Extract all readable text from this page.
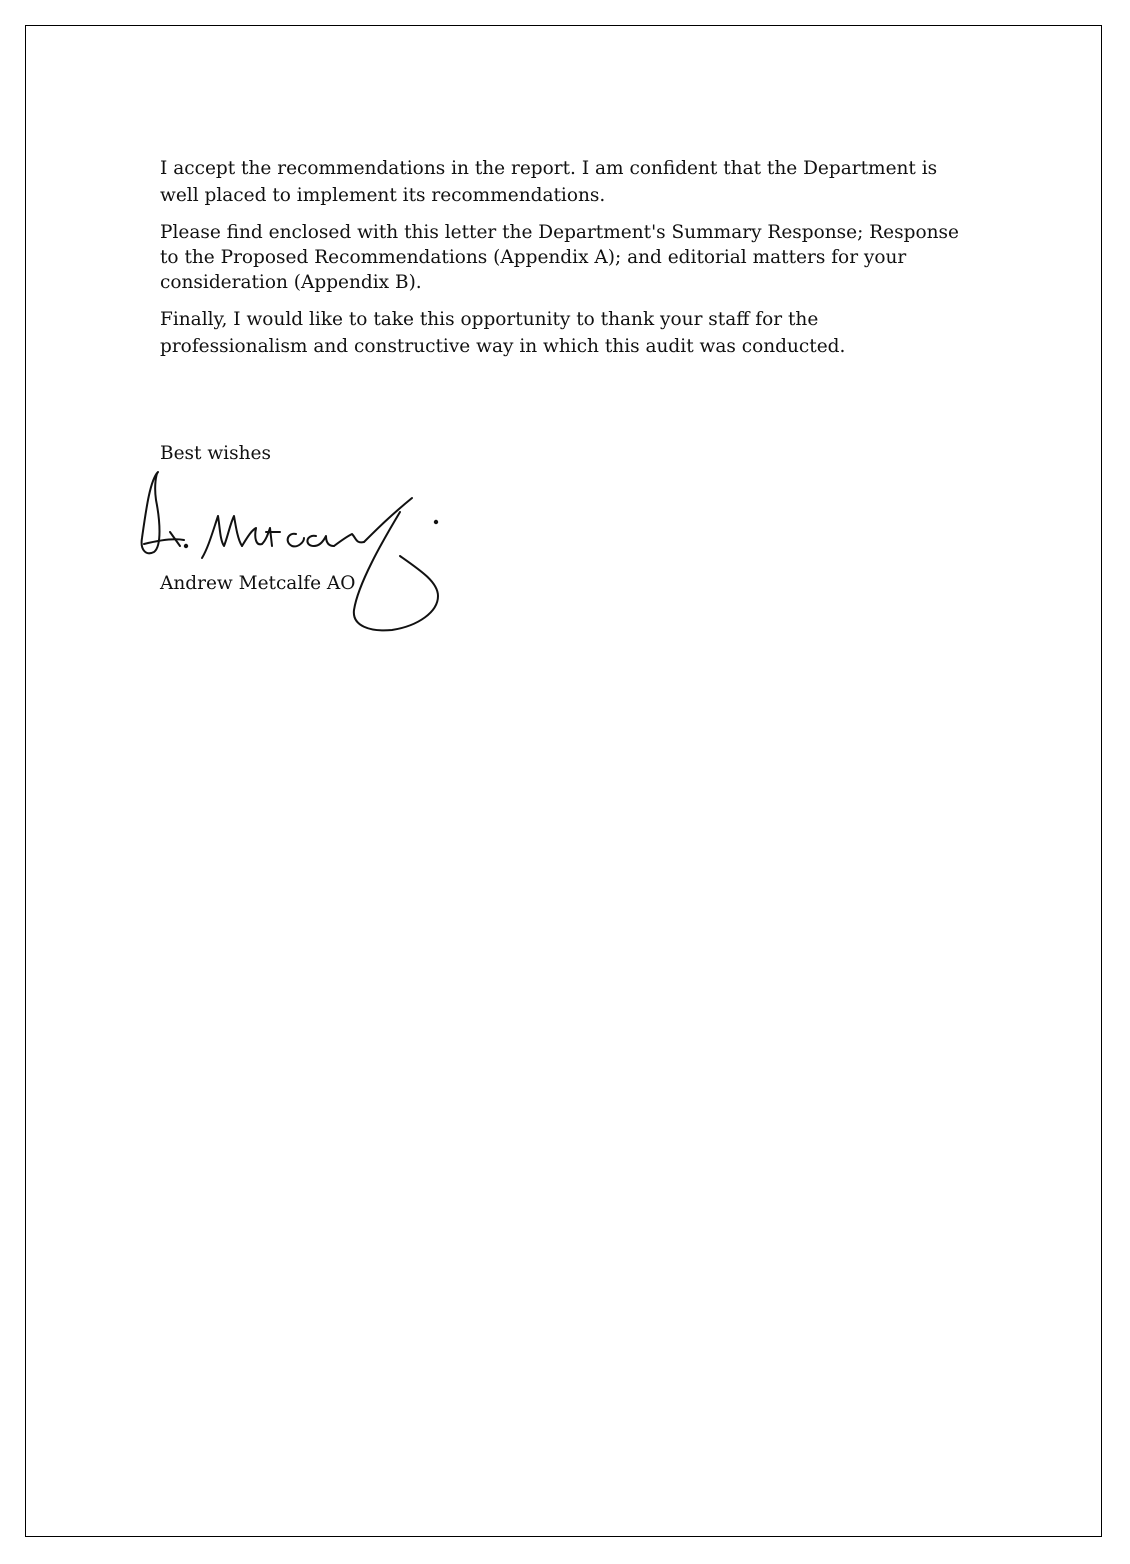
I accept the recommendations in the report. I am confident that the Department is well placed to implement its recommendations.

Please find enclosed with this letter the Department's Summary Response; Response to the Proposed Recommendations (Appendix A); and editorial matters for your consideration (Appendix B).

Finally, I would like to take this opportunity to thank your staff for the professionalism and constructive way in which this audit was conducted.

Best wishes
Andrew Metcalfe AO
